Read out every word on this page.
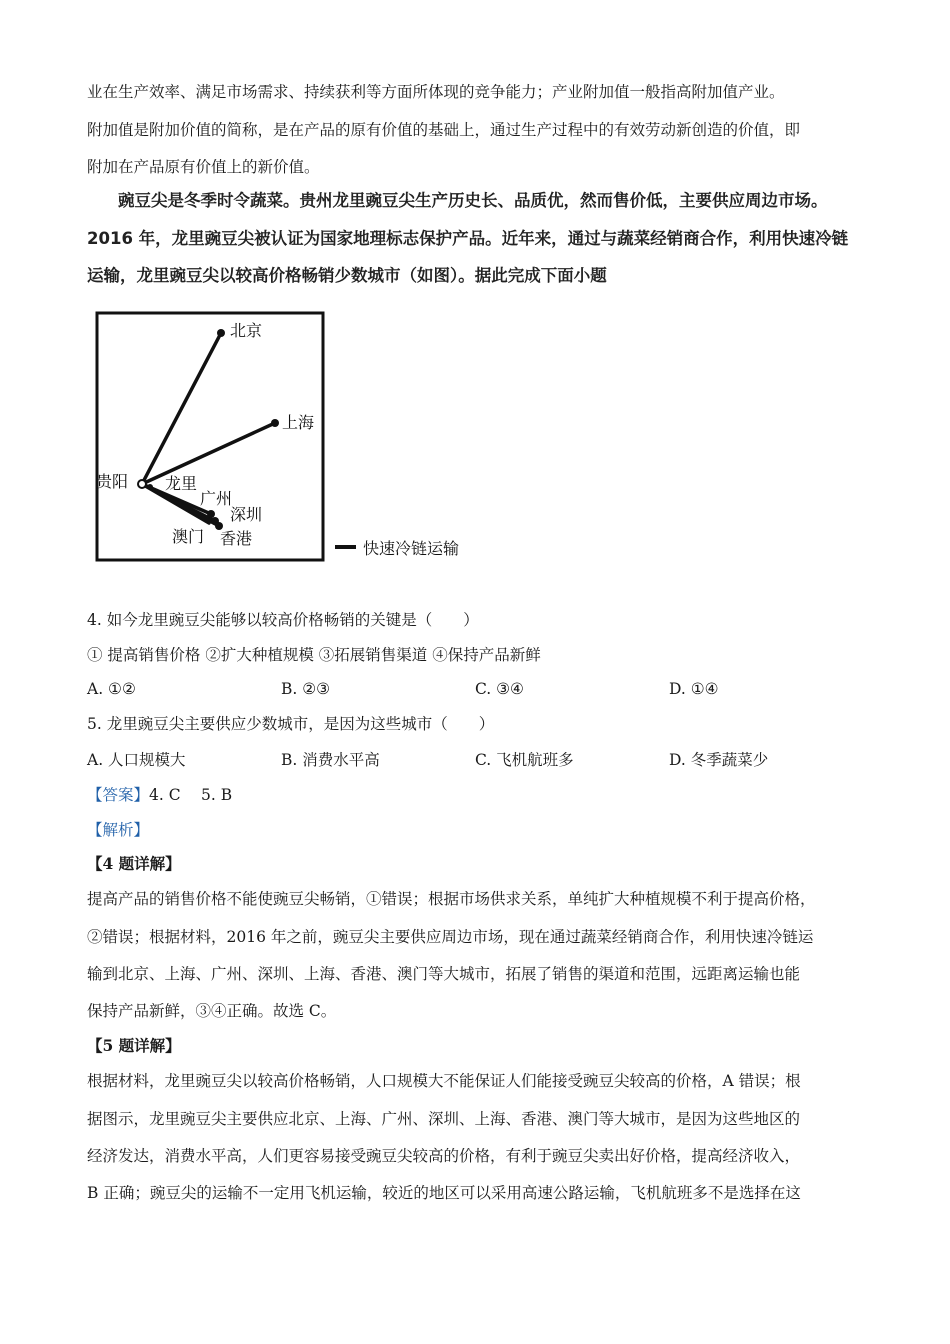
业在生产效率、满足市场需求、持续获利等方面所体现的竞争能力；产业附加值一般指高附加值产业。
附加值是附加价值的简称，是在产品的原有价值的基础上，通过生产过程中的有效劳动新创造的价值，即
附加在产品原有价值上的新价值。
豌豆尖是冬季时令蔬菜。贵州龙里豌豆尖生产历史长、品质优，然而售价低，主要供应周边市场。
2016 年，龙里豌豆尖被认证为国家地理标志保护产品。近年来，通过与蔬菜经销商合作，利用快速冷链
运输，龙里豌豆尖以较高价格畅销少数城市（如图）。据此完成下面小题
北京
上海
贵阳 龙里
广州
深圳
澳门 香港
快速冷链运输
4. 如今龙里豌豆尖能够以较高价格畅销的关键是（　　）
① 提高销售价格 ②扩大种植规模 ③拓展销售渠道 ④保持产品新鲜
A. ①②	B. ②③	C. ③④	D. ①④
5. 龙里豌豆尖主要供应少数城市，是因为这些城市（　　）
A. 人口规模大	B. 消费水平高	C. 飞机航班多	D. 冬季蔬菜少
【答案】4. C　 5. B
【解析】
【4 题详解】
提高产品的销售价格不能使豌豆尖畅销，①错误；根据市场供求关系，单纯扩大种植规模不利于提高价格，
②错误；根据材料，2016 年之前，豌豆尖主要供应周边市场，现在通过蔬菜经销商合作，利用快速冷链运
输到北京、上海、广州、深圳、上海、香港、澳门等大城市，拓展了销售的渠道和范围，远距离运输也能
保持产品新鲜，③④正确。故选 C。
【5 题详解】
根据材料，龙里豌豆尖以较高价格畅销，人口规模大不能保证人们能接受豌豆尖较高的价格，A 错误；根
据图示，龙里豌豆尖主要供应北京、上海、广州、深圳、上海、香港、澳门等大城市，是因为这些地区的
经济发达，消费水平高，人们更容易接受豌豆尖较高的价格，有利于豌豆尖卖出好价格，提高经济收入，
B 正确；豌豆尖的运输不一定用飞机运输，较近的地区可以采用高速公路运输，飞机航班多不是选择在这
